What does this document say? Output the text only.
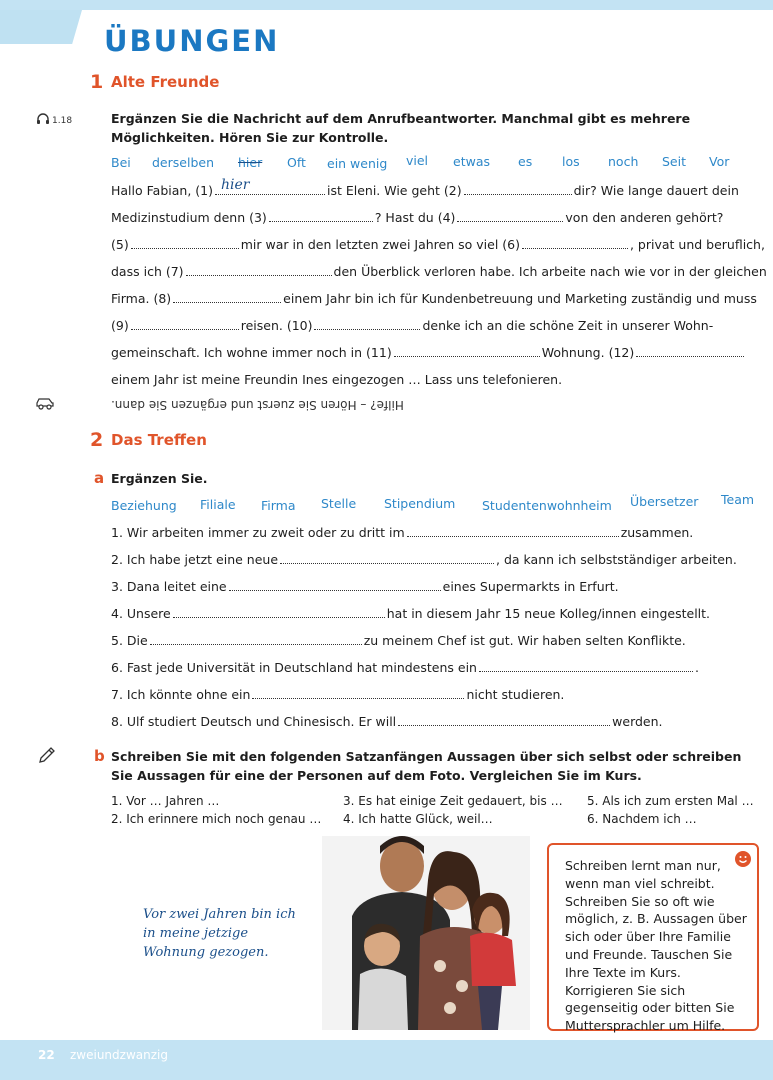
ÜBUNGEN
1 Alte Freunde
1.18	Ergänzen Sie die Nachricht auf dem Anrufbeantworter. Manchmal gibt es mehrere Möglichkeiten. Hören Sie zur Kontrolle.
Bei derselben hier Oft ein wenig viel etwas es los noch Seit Vor
Hallo Fabian, (1) hier	ist Eleni. Wie geht (2)	dir? Wie lange dauert dein
Medizinstudium denn (3)	? Hast du (4)	von den anderen gehört?
(5)	mir war in den letzten zwei Jahren so viel (6)	, privat und beruflich,
dass ich (7)	den Überblick verloren habe. Ich arbeite nach wie vor in der gleichen
Firma. (8)	einem Jahr bin ich für Kundenbetreuung und Marketing zuständig und muss
(9)	reisen. (10)	denke ich an die schöne Zeit in unserer Wohn-
gemeinschaft. Ich wohne immer noch in (11)	Wohnung. (12)
einem Jahr ist meine Freundin Ines eingezogen … Lass uns telefonieren.
Hilfe? – Hören Sie zuerst und ergänzen Sie dann.
2 Das Treffen
a Ergänzen Sie.
Beziehung Filiale Firma Stelle Stipendium Studentenwohnheim Übersetzer Team
1. Wir arbeiten immer zu zweit oder zu dritt im	zusammen.
2. Ich habe jetzt eine neue	, da kann ich selbstständiger arbeiten.
3. Dana leitet eine	eines Supermarkts in Erfurt.
4. Unsere	hat in diesem Jahr 15 neue Kolleg/innen eingestellt.
5. Die	zu meinem Chef ist gut. Wir haben selten Konflikte.
6. Fast jede Universität in Deutschland hat mindestens ein	.
7. Ich könnte ohne ein	nicht studieren.
8. Ulf studiert Deutsch und Chinesisch. Er will	werden.
b Schreiben Sie mit den folgenden Satzanfängen Aussagen über sich selbst oder schreiben Sie Aussagen für eine der Personen auf dem Foto. Vergleichen Sie im Kurs.
1. Vor … Jahren …
2. Ich erinnere mich noch genau …
3. Es hat einige Zeit gedauert, bis …
4. Ich hatte Glück, weil…
5. Als ich zum ersten Mal …
6. Nachdem ich …
Vor zwei Jahren bin ich in meine jetzige Wohnung gezogen.
Schreiben lernt man nur, wenn man viel schreibt. Schreiben Sie so oft wie möglich, z. B. Aussagen über sich oder über Ihre Familie und Freunde. Tauschen Sie Ihre Texte im Kurs. Korrigieren Sie sich gegenseitig oder bitten Sie Muttersprachler um Hilfe.
22 zweiundzwanzig
